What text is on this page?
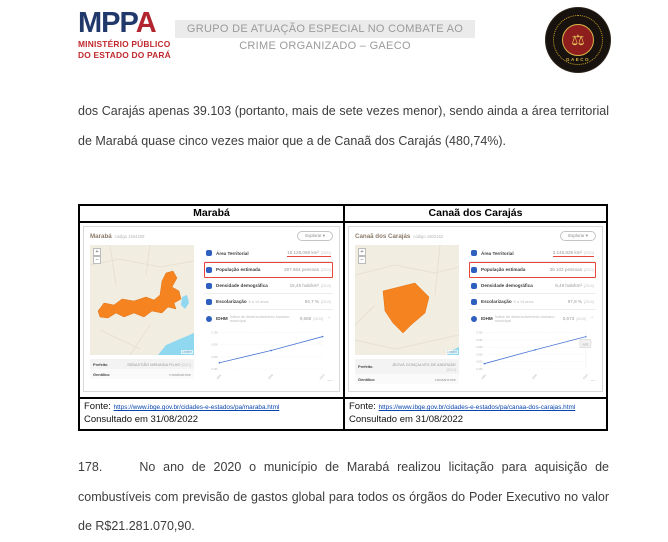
MPPA
MINISTÉRIO PÚBLICO
DO ESTADO DO PARÁ
GRUPO DE ATUAÇÃO ESPECIAL NO COMBATE AO
CRIME ORGANIZADO – GAECO	⚖
GAECO

dos Carajás apenas 39.103 (portanto, mais de sete vezes menor), sendo ainda a área territorial de Marabá quase cinco vezes maior que a de Canaã dos Carajás (480,74%).

Marabá	Canaã dos Carajás
Marabá código 1504208	Explorar ▾
+
−
Leaflet
Prefeito	SEBASTIÃO MIRANDA FILHO [2021]
Gentílico	marabaense
Área Territorial	15.128,059 km² [2021]
População estimada	287.664 pessoas [2021]
Densidade demográfica	15,45 hab/km² [2010]
Escolarização 6 a 14 anos	94,7 % [2010]
IDHM Índice de desenvolvimento humano municipal	0,668 [2010] ⌃
0,700
0,600
0,500
0,400
1991	2000	2010
〜
Canaã dos Carajás código 1502152	Explorar ▾
+
−
Leaflet
Prefeito	JEOVÁ GONÇALVES DE ANDRADE [2021]
Gentílico	canaanense
Área Territorial	3.146,829 km² [2021]
População estimada	39.103 pessoas [2021]
Densidade demográfica	8,49 hab/km² [2010]
Escolarização 6 a 14 anos	97,8 % [2010]
IDHM Índice de desenvolvimento humano municipal	0,673 [2010] ⌃
0,700
0,650
0,600
0,550
0,500
0,450
1991	2000	2010
0,673
〜
Fonte: https://www.ibge.gov.br/cidades-e-estados/pa/maraba.html
Consultado em 31/08/2022
Fonte: https://www.ibge.gov.br/cidades-e-estados/pa/canaa-dos-carajas.html
Consultado em 31/08/2022

178.	No ano de 2020 o município de Marabá realizou licitação para aquisição de combustíveis com previsão de gastos global para todos os órgãos do Poder Executivo no valor de R$21.281.070,90.
